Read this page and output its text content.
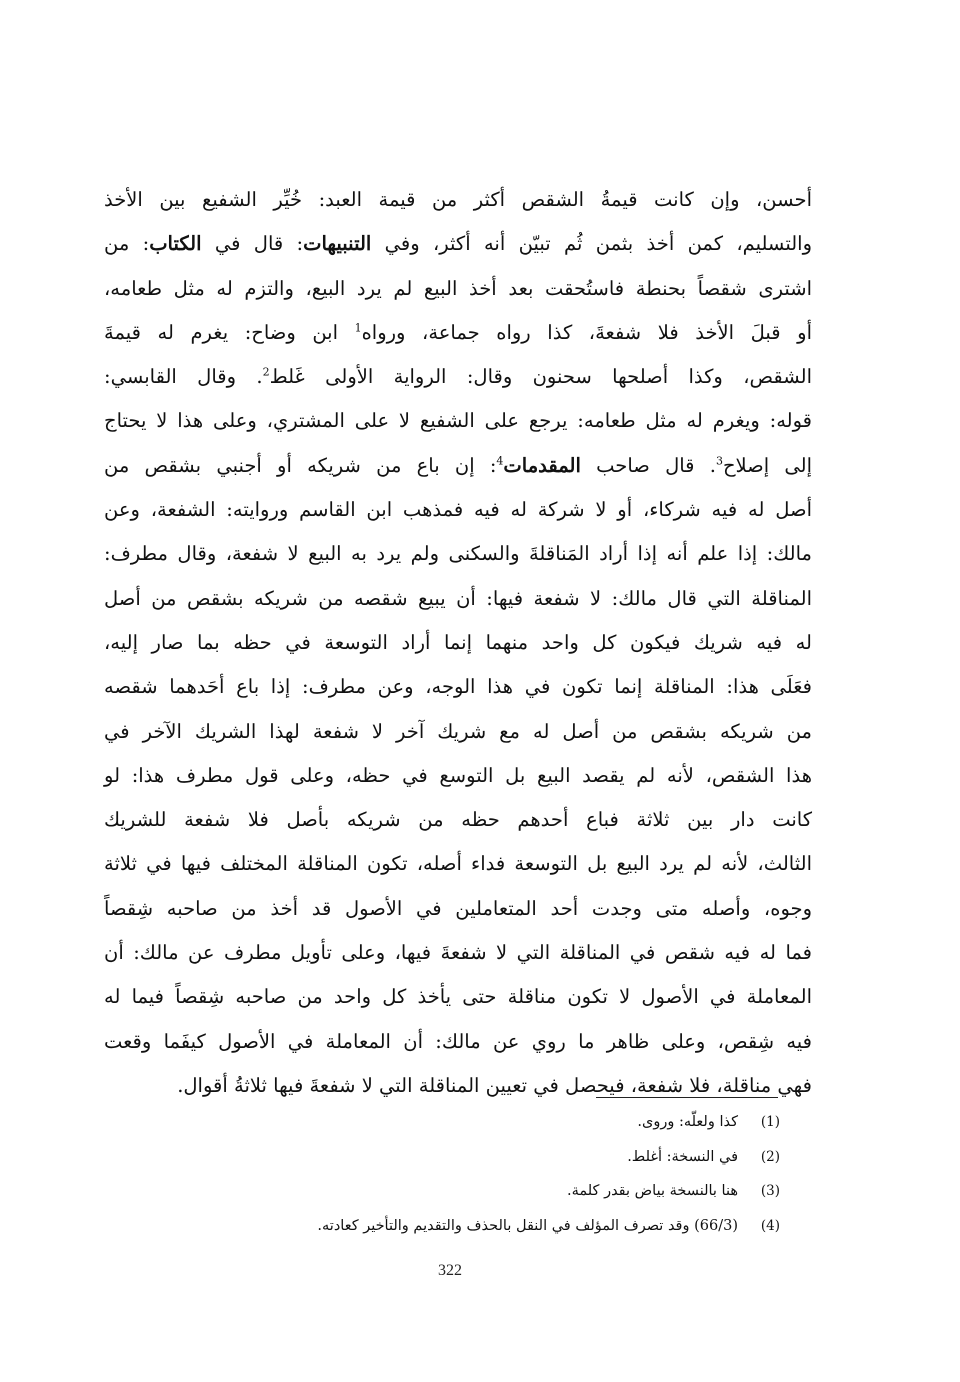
أحسن، وإن كانت قيمةُ الشقص أكثر من قيمة العبد: خُيِّر الشفيع بين الأخذ
والتسليم، كمن أخذ بثمن ثُم تبيّن أنه أكثر، وفي التنبيهات: قال في الكتاب: من
اشترى شقصاً بحنطة فاستُحقت بعد أخذ البيع لم يرد البيع، والتزم له مثل طعامه،
أو قبلَ الأخذ فلا شفعةَ، كذا رواه جماعة، ورواه$^1$ ابن وضاح: يغرم له قيمةَ
الشقص، وكذا أصلحها سحنون وقال: الرواية الأولى غَلط$^2$. وقال القابسي:
قوله: ويغرم له مثل طعامه: يرجع على الشفيع لا على المشتري، وعلى هذا لا يحتاج
إلى إصلاح$^3$. قال صاحب المقدمات$^4$: إن باع من شريكه أو أجنبي بشقص من
أصل له فيه شركاء، أو لا شركة له فيه فمذهب ابن القاسم وروايته: الشفعة، وعن
مالك: إذا علم أنه إذا أراد المَناقلةَ والسكنى ولم يرد به البيع لا شفعة، وقال مطرف:
المناقلة التي قال مالك: لا شفعة فيها: أن يبيع شقصه من شريكه بشقص من أصل
له فيه شريك فيكون كل واحد منهما إنما أراد التوسعة في حظه بما صار إليه،
فعَلَى هذا: المناقلة إنما تكون في هذا الوجه، وعن مطرف: إذا باع أحَدهما شقصه
من شريكه بشقص من أصل له مع شريك آخر لا شفعة لهذا الشريك الآخر في
هذا الشقص، لأنه لم يقصد البيع بل التوسع في حظه، وعلى قول مطرف هذا: لو
كانت دار بين ثلاثة فباع أحدهم حظه من شريكه بأصل فلا شفعة للشريك
الثالث، لأنه لم يرد البيع بل التوسعة فداء أصله، تكون المناقلة المختلف فيها في ثلاثة
وجوه، وأصله متى وجدت أحد المتعاملين في الأصول قد أخذ من صاحبه شِقصاً
فما له فيه شقص في المناقلة التي لا شفعةَ فيها، وعلى تأويل مطرف عن مالك: أن
المعاملة في الأصول لا تكون مناقلة حتى يأخذ كل واحد من صاحبه شِقصاً فيما له
فيه شِقص، وعلى ظاهر ما روي عن مالك: أن المعاملة في الأصول كيفَما وقعت
فهي مناقلة، فلا شفعة، فيحصل في تعيين المناقلة التي لا شفعةَ فيها ثلاثةُ أقوال.
(1)
كذا ولعلّه: وروى.
(2)
في النسخة: أغلط.
(3)
هنا بالنسخة بياض بقدر كلمة.
(4)
(66/3) وقد تصرف المؤلف في النقل بالحذف والتقديم والتأخير كعادته.
322
